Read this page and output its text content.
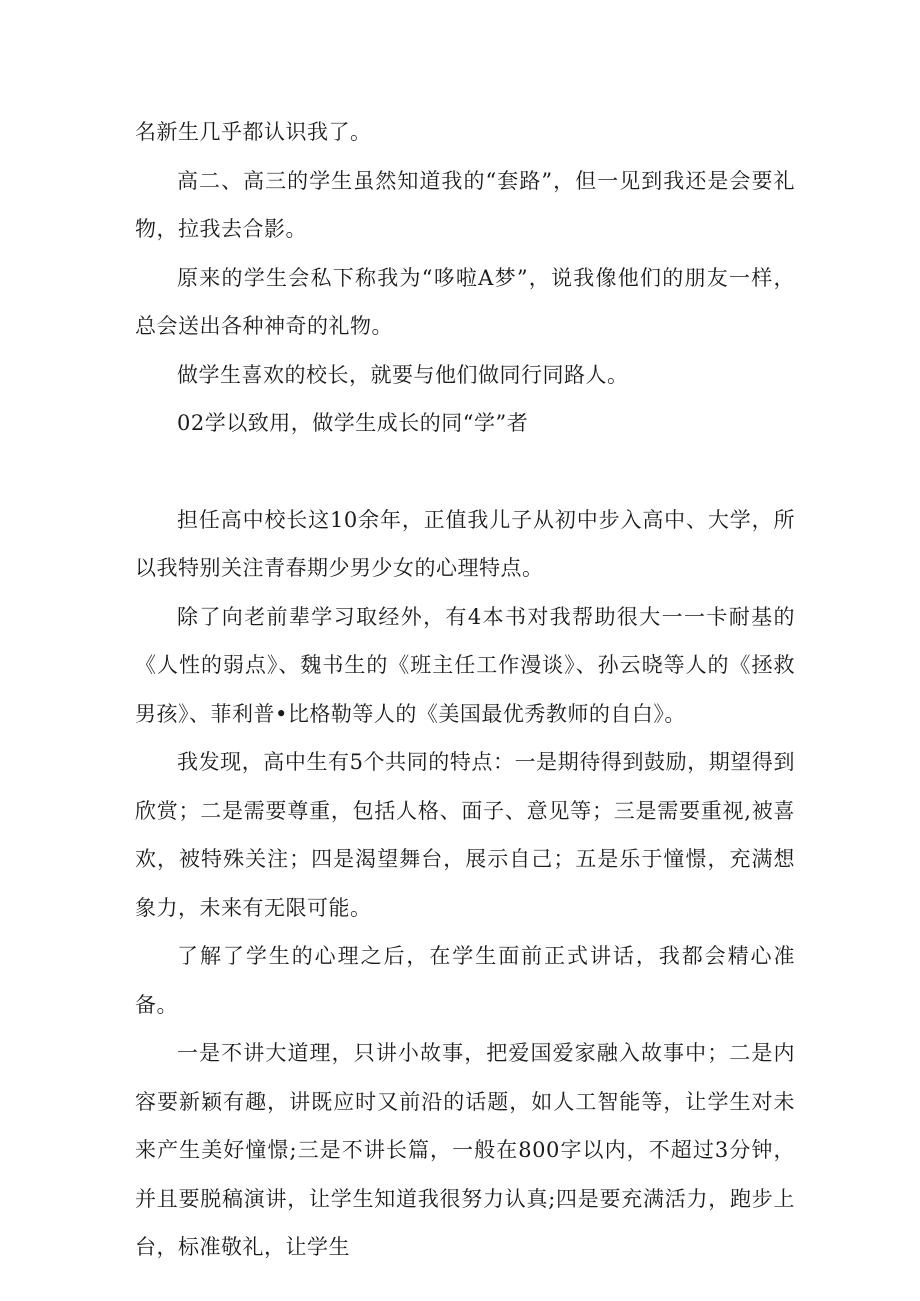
名新生几乎都认识我了。

高二、高三的学生虽然知道我的“套路”，但一见到我还是会要礼物，拉我去合影。

原来的学生会私下称我为“哆啦A梦”，说我像他们的朋友一样，总会送出各种神奇的礼物。

做学生喜欢的校长，就要与他们做同行同路人。

02学以致用，做学生成长的同“学”者

担任高中校长这10余年，正值我儿子从初中步入高中、大学，所以我特别关注青春期少男少女的心理特点。

除了向老前辈学习取经外，有4本书对我帮助很大一一卡耐基的《人性的弱点》、魏书生的《班主任工作漫谈》、孙云晓等人的《拯救男孩》、菲利普•比格勒等人的《美国最优秀教师的自白》。

我发现，高中生有5个共同的特点：一是期待得到鼓励，期望得到欣赏；二是需要尊重，包括人格、面子、意见等；三是需要重视,被喜欢，被特殊关注；四是渴望舞台，展示自己；五是乐于憧憬，充满想象力，未来有无限可能。

了解了学生的心理之后，在学生面前正式讲话，我都会精心准备。

一是不讲大道理，只讲小故事，把爱国爱家融入故事中；二是内容要新颖有趣，讲既应时又前沿的话题，如人工智能等，让学生对未来产生美好憧憬;三是不讲长篇，一般在800字以内，不超过3分钟，并且要脱稿演讲，让学生知道我很努力认真;四是要充满活力，跑步上台，标准敬礼，让学生
